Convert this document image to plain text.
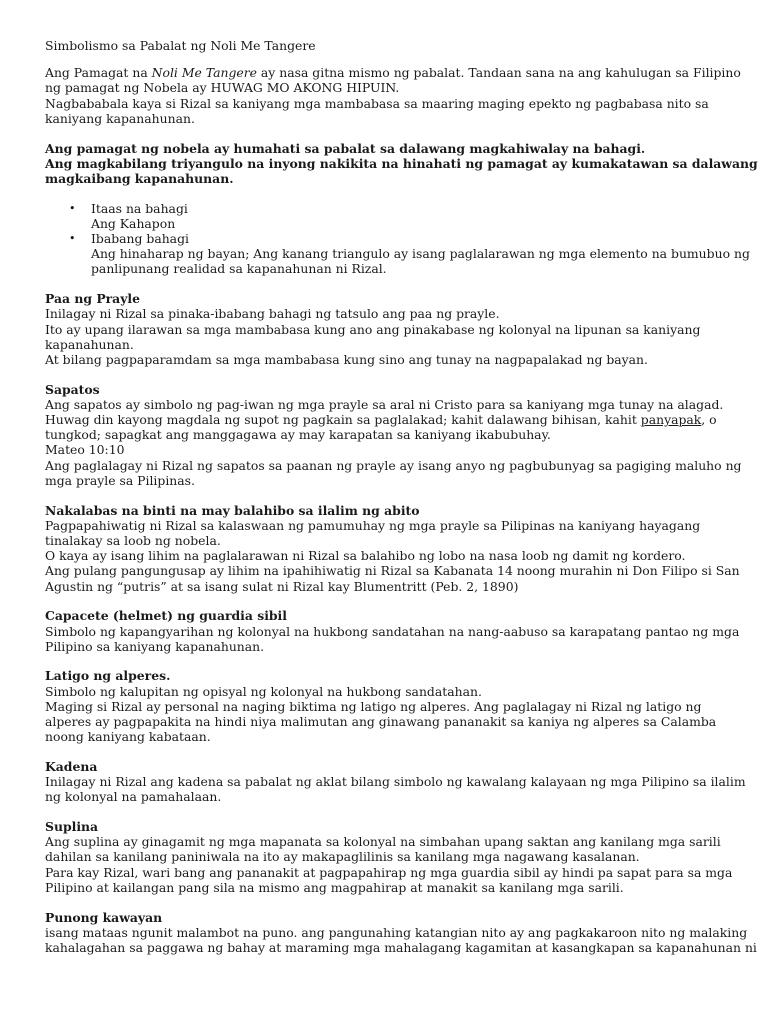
Simbolismo sa Pabalat ng Noli Me Tangere
Ang Pamagat na Noli Me Tangere ay nasa gitna mismo ng pabalat. Tandaan sana na ang kahulugan sa Filipino
ng pamagat ng Nobela ay HUWAG MO AKONG HIPUIN.
Nagbababala kaya si Rizal sa kaniyang mga mambabasa sa maaring maging epekto ng pagbabasa nito sa
kaniyang kapanahunan.
Ang pamagat ng nobela ay humahati sa pabalat sa dalawang magkahiwalay na bahagi.
Ang magkabilang triyangulo na inyong nakikita na hinahati ng pamagat ay kumakatawan sa dalawang
magkaibang kapanahunan.
• Itaas na bahagi
Ang Kahapon
• Ibabang bahagi
Ang hinaharap ng bayan; Ang kanang triangulo ay isang paglalarawan ng mga elemento na bumubuo ng
panlipunang realidad sa kapanahunan ni Rizal.
Paa ng Prayle
Inilagay ni Rizal sa pinaka-ibabang bahagi ng tatsulo ang paa ng prayle.
Ito ay upang ilarawan sa mga mambabasa kung ano ang pinakabase ng kolonyal na lipunan sa kaniyang
kapanahunan.
At bilang pagpaparamdam sa mga mambabasa kung sino ang tunay na nagpapalakad ng bayan.
Sapatos
Ang sapatos ay simbolo ng pag-iwan ng mga prayle sa aral ni Cristo para sa kaniyang mga tunay na alagad.
Huwag din kayong magdala ng supot ng pagkain sa paglalakad; kahit dalawang bihisan, kahit panyapak, o
tungkod; sapagkat ang manggagawa ay may karapatan sa kaniyang ikabubuhay.
Mateo 10:10
Ang paglalagay ni Rizal ng sapatos sa paanan ng prayle ay isang anyo ng pagbubunyag sa pagiging maluho ng
mga prayle sa Pilipinas.
Nakalabas na binti na may balahibo sa ilalim ng abito
Pagpapahiwatig ni Rizal sa kalaswaan ng pamumuhay ng mga prayle sa Pilipinas na kaniyang hayagang
tinalakay sa loob ng nobela.
O kaya ay isang lihim na paglalarawan ni Rizal sa balahibo ng lobo na nasa loob ng damit ng kordero.
Ang pulang pangungusap ay lihim na ipahihiwatig ni Rizal sa Kabanata 14 noong murahin ni Don Filipo si San
Agustin ng “putris” at sa isang sulat ni Rizal kay Blumentritt (Peb. 2, 1890)
Capacete (helmet) ng guardia sibil
Simbolo ng kapangyarihan ng kolonyal na hukbong sandatahan na nang-aabuso sa karapatang pantao ng mga
Pilipino sa kaniyang kapanahunan.
Latigo ng alperes.
Simbolo ng kalupitan ng opisyal ng kolonyal na hukbong sandatahan.
Maging si Rizal ay personal na naging biktima ng latigo ng alperes. Ang paglalagay ni Rizal ng latigo ng
alperes ay pagpapakita na hindi niya malimutan ang ginawang pananakit sa kaniya ng alperes sa Calamba
noong kaniyang kabataan.
Kadena
Inilagay ni Rizal ang kadena sa pabalat ng aklat bilang simbolo ng kawalang kalayaan ng mga Pilipino sa ilalim
ng kolonyal na pamahalaan.
Suplina
Ang suplina ay ginagamit ng mga mapanata sa kolonyal na simbahan upang saktan ang kanilang mga sarili
dahilan sa kanilang paniniwala na ito ay makapaglilinis sa kanilang mga nagawang kasalanan.
Para kay Rizal, wari bang ang pananakit at pagpapahirap ng mga guardia sibil ay hindi pa sapat para sa mga
Pilipino at kailangan pang sila na mismo ang magpahirap at manakit sa kanilang mga sarili.
Punong kawayan
isang mataas ngunit malambot na puno. ang pangunahing katangian nito ay ang pagkakaroon nito ng malaking
kahalagahan sa paggawa ng bahay at maraming mga mahalagang kagamitan at kasangkapan sa kapanahunan ni
